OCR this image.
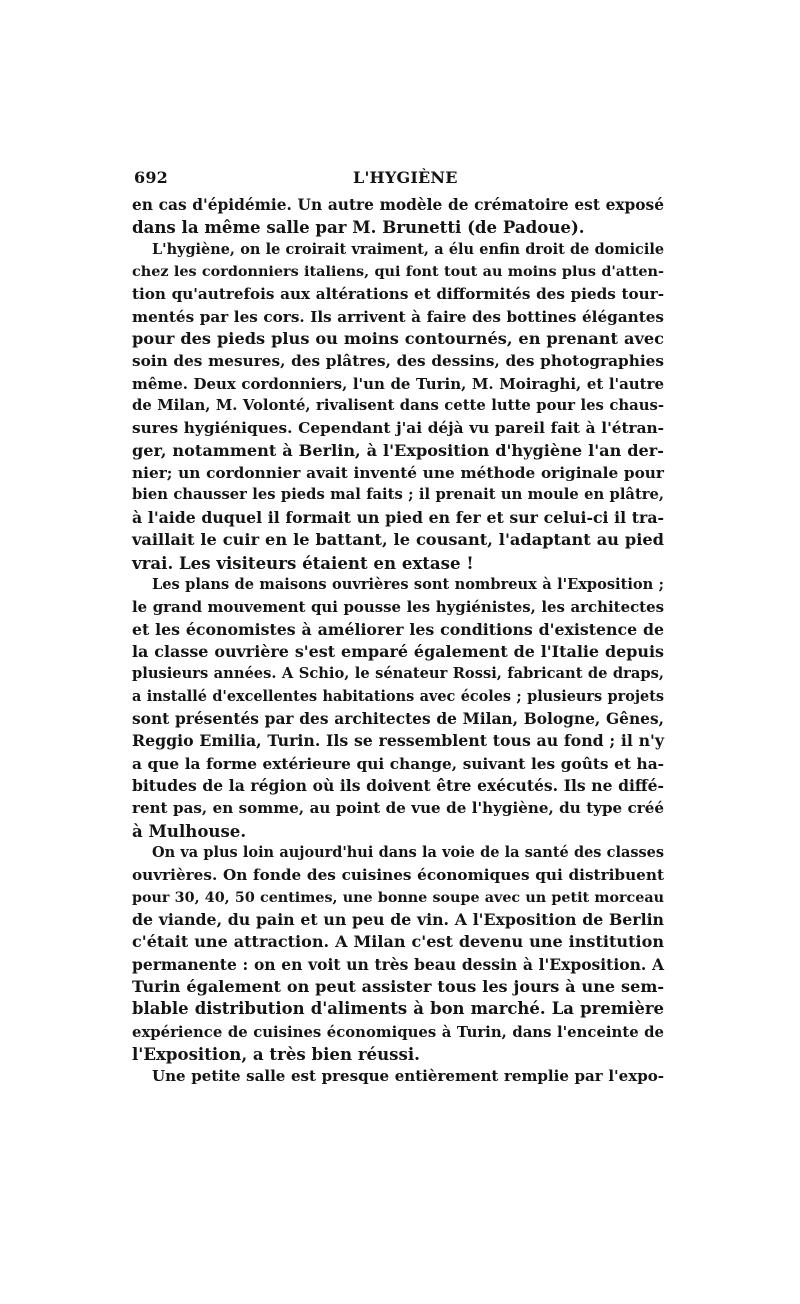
692	L'HYGIÈNE

en cas d'épidémie. Un autre modèle de crématoire est exposé
dans la même salle par M. Brunetti (de Padoue).

L'hygiène, on le croirait vraiment, a élu enfin droit de domicile
chez les cordonniers italiens, qui font tout au moins plus d'atten-
tion qu'autrefois aux altérations et difformités des pieds tour-
mentés par les cors. Ils arrivent à faire des bottines élégantes
pour des pieds plus ou moins contournés, en prenant avec
soin des mesures, des plâtres, des dessins, des photographies
même. Deux cordonniers, l'un de Turin, M. Moiraghi, et l'autre
de Milan, M. Volonté, rivalisent dans cette lutte pour les chaus-
sures hygiéniques. Cependant j'ai déjà vu pareil fait à l'étran-
ger, notamment à Berlin, à l'Exposition d'hygiène l'an der-
nier; un cordonnier avait inventé une méthode originale pour
bien chausser les pieds mal faits ; il prenait un moule en plâtre,
à l'aide duquel il formait un pied en fer et sur celui-ci il tra-
vaillait le cuir en le battant, le cousant, l'adaptant au pied
vrai. Les visiteurs étaient en extase !

Les plans de maisons ouvrières sont nombreux à l'Exposition ;
le grand mouvement qui pousse les hygiénistes, les architectes
et les économistes à améliorer les conditions d'existence de
la classe ouvrière s'est emparé également de l'Italie depuis
plusieurs années. A Schio, le sénateur Rossi, fabricant de draps,
a installé d'excellentes habitations avec écoles ; plusieurs projets
sont présentés par des architectes de Milan, Bologne, Gênes,
Reggio Emilia, Turin. Ils se ressemblent tous au fond ; il n'y
a que la forme extérieure qui change, suivant les goûts et ha-
bitudes de la région où ils doivent être exécutés. Ils ne diffé-
rent pas, en somme, au point de vue de l'hygiène, du type créé
à Mulhouse.

On va plus loin aujourd'hui dans la voie de la santé des classes
ouvrières. On fonde des cuisines économiques qui distribuent
pour 30, 40, 50 centimes, une bonne soupe avec un petit morceau
de viande, du pain et un peu de vin. A l'Exposition de Berlin
c'était une attraction. A Milan c'est devenu une institution
permanente : on en voit un très beau dessin à l'Exposition. A
Turin également on peut assister tous les jours à une sem-
blable distribution d'aliments à bon marché. La première
expérience de cuisines économiques à Turin, dans l'enceinte de
l'Exposition, a très bien réussi.

Une petite salle est presque entièrement remplie par l'expo-
